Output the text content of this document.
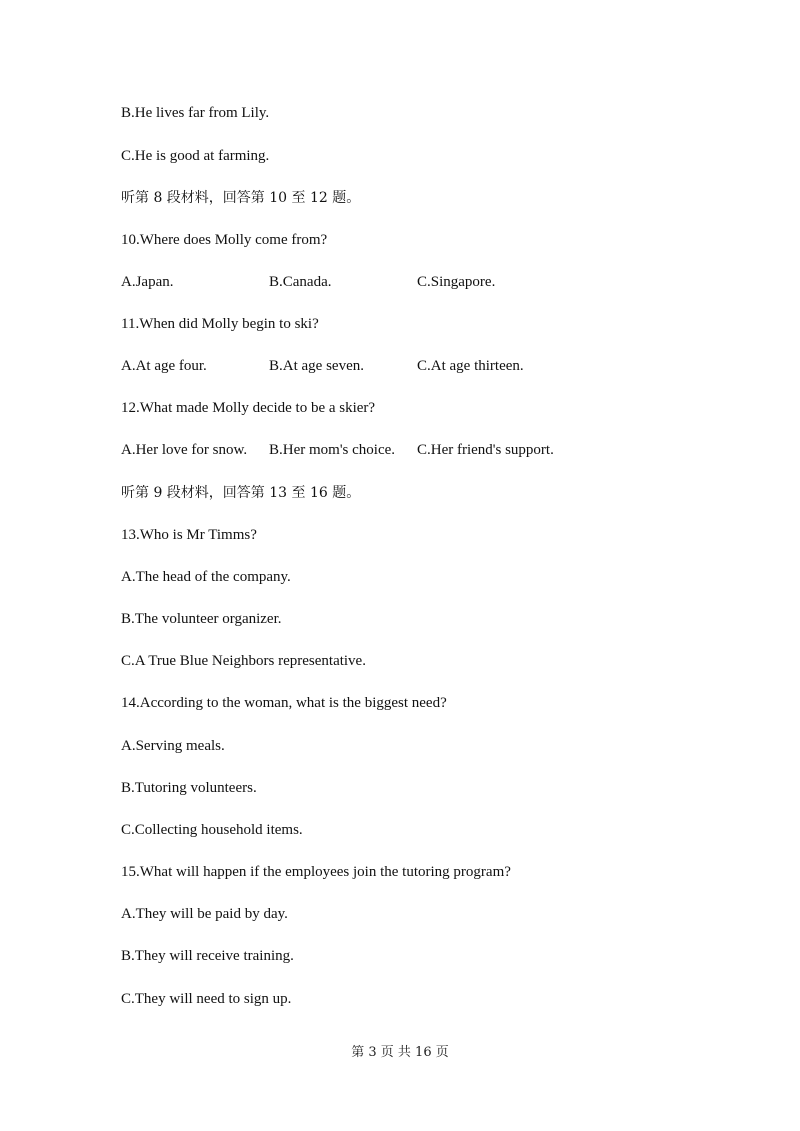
B.He lives far from Lily.
C.He is good at farming.
听第 8 段材料，回答第 10 至 12 题。
10.Where does Molly come from?
A.Japan.	B.Canada.	C.Singapore.
11.When did Molly begin to ski?
A.At age four.	B.At age seven.	C.At age thirteen.
12.What made Molly decide to be a skier?
A.Her love for snow.	B.Her mom's choice.	C.Her friend's support.
听第 9 段材料，回答第 13 至 16 题。
13.Who is Mr Timms?
A.The head of the company.
B.The volunteer organizer.
C.A True Blue Neighbors representative.
14.According to the woman, what is the biggest need?
A.Serving meals.
B.Tutoring volunteers.
C.Collecting household items.
15.What will happen if the employees join the tutoring program?
A.They will be paid by day.
B.They will receive training.
C.They will need to sign up.
第 3 页 共 16 页
